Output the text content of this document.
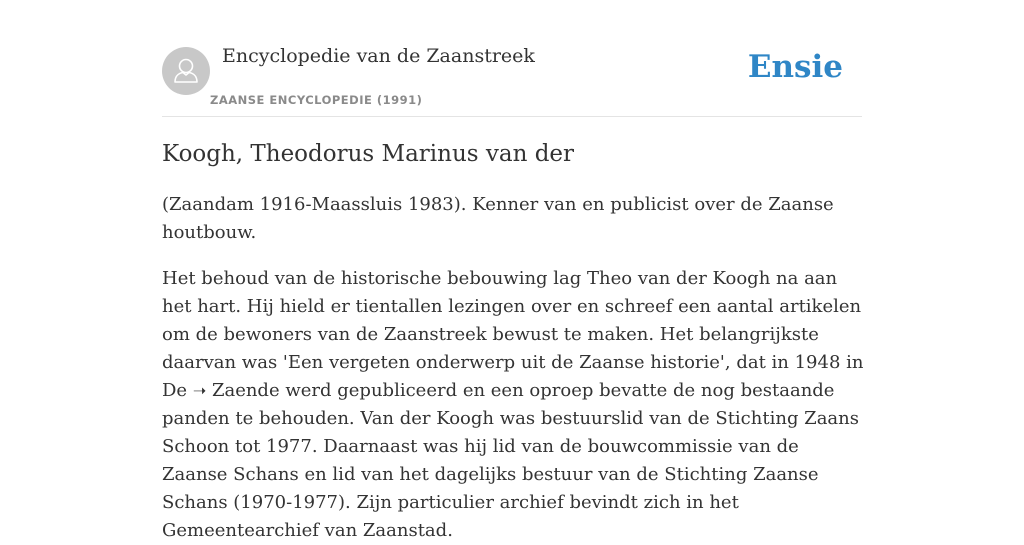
Encyclopedie van de Zaanstreek
ZAANSE ENCYCLOPEDIE (1991)
Ensie
Koogh, Theodorus Marinus van der

(Zaandam 1916-Maassluis 1983). Kenner van en publicist over de Zaanse houtbouw.

Het behoud van de historische bebouwing lag Theo van der Koogh na aan het hart. Hij hield er tientallen lezingen over en schreef een aantal artikelen om de bewoners van de Zaanstreek bewust te maken. Het belangrijkste daarvan was 'Een vergeten onderwerp uit de Zaanse historie', dat in 1948 in De ➝ Zaende werd gepubliceerd en een oproep bevatte de nog bestaande panden te behouden. Van der Koogh was bestuurslid van de Stichting Zaans Schoon tot 1977. Daarnaast was hij lid van de bouwcommissie van de Zaanse Schans en lid van het dagelijks bestuur van de Stichting Zaanse Schans (1970-1977). Zijn particulier archief bevindt zich in het Gemeentearchief van Zaanstad.
